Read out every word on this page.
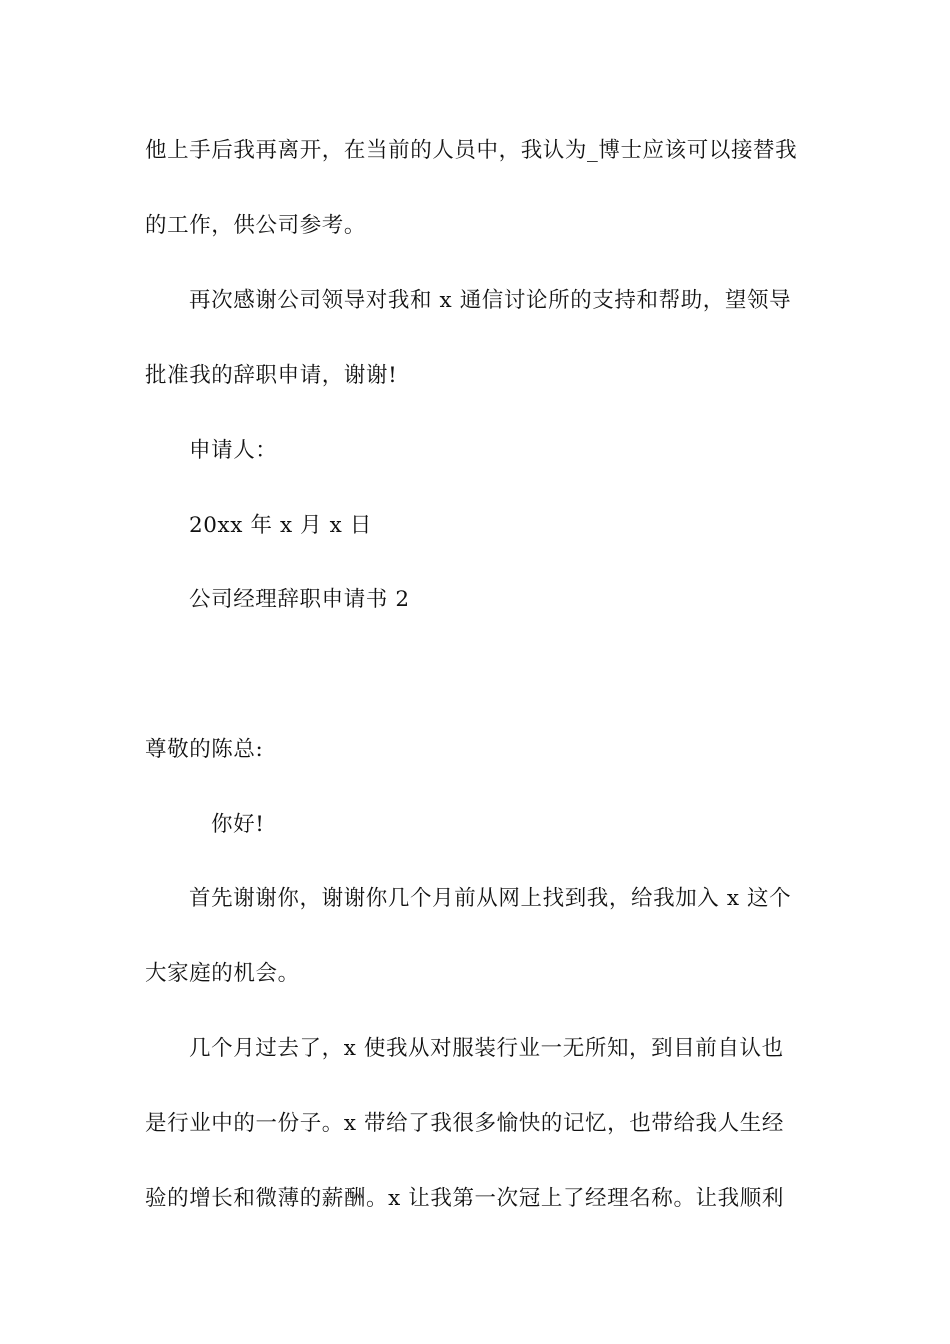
他上手后我再离开，在当前的人员中，我认为_博士应该可以接替我
的工作，供公司参考。
再次感谢公司领导对我和 x 通信讨论所的支持和帮助，望领导
批准我的辞职申请，谢谢!
申请人：
20xx 年 x 月 x 日
公司经理辞职申请书 2
尊敬的陈总:
你好!
首先谢谢你，谢谢你几个月前从网上找到我，给我加入 x 这个
大家庭的机会。
几个月过去了，x 使我从对服装行业一无所知，到目前自认也
是行业中的一份子。x 带给了我很多愉快的记忆，也带给我人生经
验的增长和微薄的薪酬。x 让我第一次冠上了经理名称。让我顺利
